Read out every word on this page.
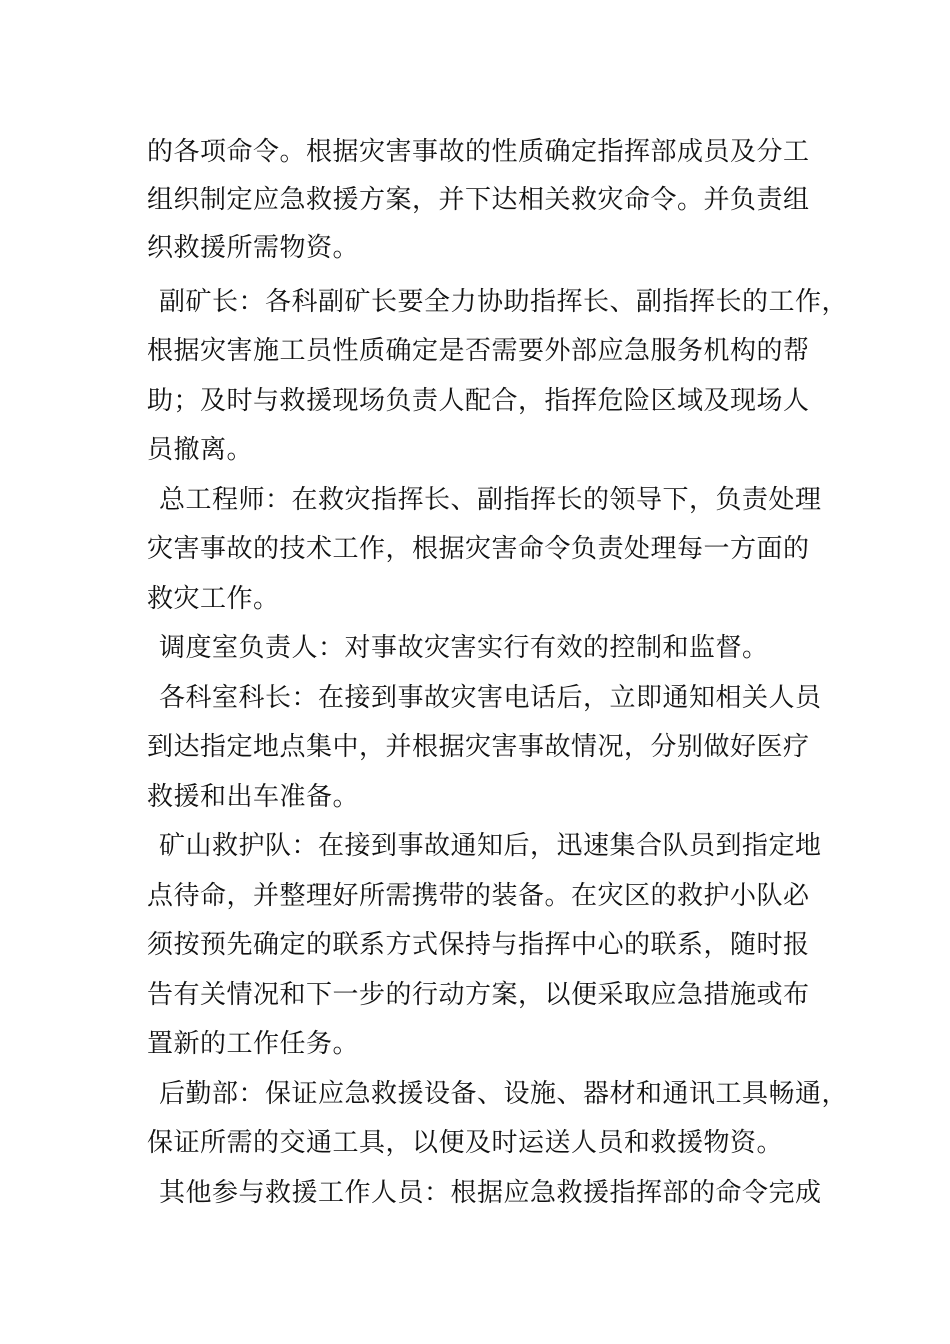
的各项命令。根据灾害事故的性质确定指挥部成员及分工
组织制定应急救援方案，并下达相关救灾命令。并负责组
织救援所需物资。
副矿长：各科副矿长要全力协助指挥长、副指挥长的工作，
根据灾害施工员性质确定是否需要外部应急服务机构的帮
助；及时与救援现场负责人配合，指挥危险区域及现场人
员撤离。
总工程师：在救灾指挥长、副指挥长的领导下，负责处理
灾害事故的技术工作，根据灾害命令负责处理每一方面的
救灾工作。
调度室负责人：对事故灾害实行有效的控制和监督。
各科室科长：在接到事故灾害电话后，立即通知相关人员
到达指定地点集中，并根据灾害事故情况，分别做好医疗
救援和出车准备。
矿山救护队：在接到事故通知后，迅速集合队员到指定地
点待命，并整理好所需携带的装备。在灾区的救护小队必
须按预先确定的联系方式保持与指挥中心的联系，随时报
告有关情况和下一步的行动方案，以便采取应急措施或布
置新的工作任务。
后勤部：保证应急救援设备、设施、器材和通讯工具畅通，
保证所需的交通工具，以便及时运送人员和救援物资。
其他参与救援工作人员：根据应急救援指挥部的命令完成
